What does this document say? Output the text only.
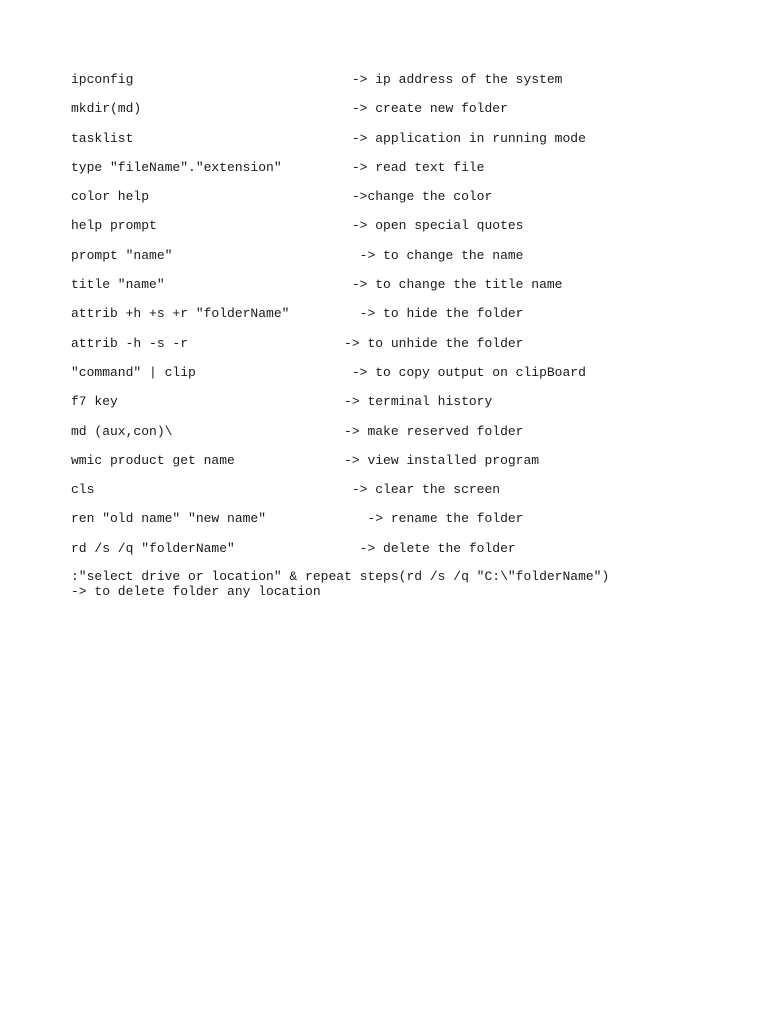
ipconfig                            -> ip address of the system
mkdir(md)                           -> create new folder
tasklist                            -> application in running mode
type "fileName"."extension"         -> read text file
color help                          ->change the color
help prompt                         -> open special quotes
prompt "name"                        -> to change the name
title "name"                        -> to change the title name
attrib +h +s +r "folderName"         -> to hide the folder
attrib -h -s -r                    -> to unhide the folder
"command" | clip                    -> to copy output on clipBoard
f7 key                             -> terminal history
md (aux,con)\                      -> make reserved folder
wmic product get name              -> view installed program
cls                                 -> clear the screen
ren "old name" "new name"             -> rename the folder
rd /s /q "folderName"                -> delete the folder
:"select drive or location" & repeat steps(rd /s /q "C:\"folderName")           -> to delete folder any location
